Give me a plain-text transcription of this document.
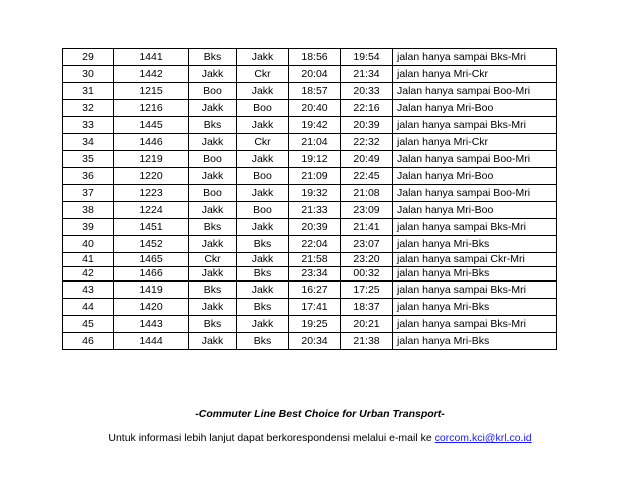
29	1441	Bks	Jakk	18:56	19:54	jalan hanya sampai Bks-Mri
30	1442	Jakk	Ckr	20:04	21:34	jalan hanya Mri-Ckr
31	1215	Boo	Jakk	18:57	20:33	Jalan hanya sampai Boo-Mri
32	1216	Jakk	Boo	20:40	22:16	Jalan hanya Mri-Boo
33	1445	Bks	Jakk	19:42	20:39	jalan hanya sampai Bks-Mri
34	1446	Jakk	Ckr	21:04	22:32	jalan hanya Mri-Ckr
35	1219	Boo	Jakk	19:12	20:49	Jalan hanya sampai Boo-Mri
36	1220	Jakk	Boo	21:09	22:45	Jalan hanya Mri-Boo
37	1223	Boo	Jakk	19:32	21:08	Jalan hanya sampai Boo-Mri
38	1224	Jakk	Boo	21:33	23:09	Jalan hanya Mri-Boo
39	1451	Bks	Jakk	20:39	21:41	jalan hanya sampai Bks-Mri
40	1452	Jakk	Bks	22:04	23:07	jalan hanya Mri-Bks
41	1465	Ckr	Jakk	21:58	23:20	jalan hanya sampai Ckr-Mri
42	1466	Jakk	Bks	23:34	00:32	jalan hanya Mri-Bks
43	1419	Bks	Jakk	16:27	17:25	jalan hanya sampai Bks-Mri
44	1420	Jakk	Bks	17:41	18:37	jalan hanya Mri-Bks
45	1443	Bks	Jakk	19:25	20:21	jalan hanya sampai Bks-Mri
46	1444	Jakk	Bks	20:34	21:38	jalan hanya Mri-Bks
-Commuter Line Best Choice for Urban Transport-
Untuk informasi lebih lanjut dapat berkorespondensi melalui e-mail ke corcom.kci@krl.co.id
